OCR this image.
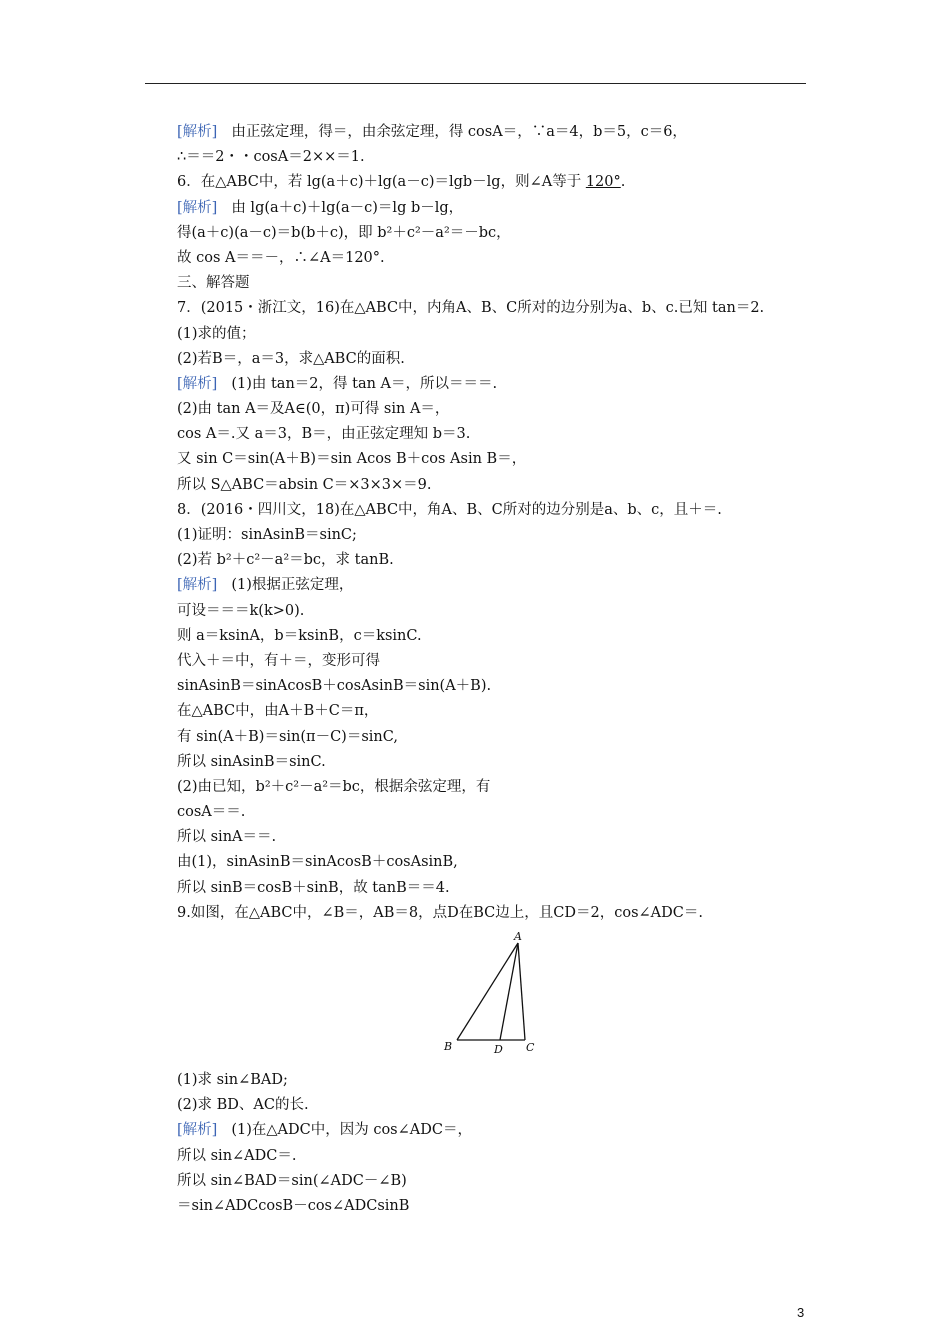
[解析] 由正弦定理，得＝，由余弦定理，得 cosA＝，∵a＝4，b＝5，c＝6，
∴＝＝2・・cosA＝2××＝1.
6．在△ABC中，若 lg(a＋c)＋lg(a－c)＝lgb－lg，则∠A等于 120°.
[解析] 由 lg(a＋c)＋lg(a－c)＝lg b－lg，
得(a＋c)(a－c)＝b(b＋c)，即 b²＋c²－a²＝－bc，
故 cos A＝＝－，∴∠A＝120°.
三、解答题
7．(2015・浙江文，16)在△ABC中，内角A、B、C所对的边分别为a、b、c.已知 tan＝2.
(1)求的值；
(2)若B＝，a＝3，求△ABC的面积.
[解析] (1)由 tan＝2，得 tan A＝，所以＝＝＝.
(2)由 tan A＝及A∈(0，π)可得 sin A＝，
cos A＝.又 a＝3，B＝，由正弦定理知 b＝3.
又 sin C＝sin(A＋B)＝sin Acos B＋cos Asin B＝，
所以 S△ABC＝absin C＝×3×3×＝9.
8．(2016・四川文，18)在△ABC中，角A、B、C所对的边分别是a、b、c，且＋＝.
(1)证明：sinAsinB＝sinC;
(2)若 b²＋c²－a²＝bc，求 tanB.
[解析] (1)根据正弦定理，
可设＝＝＝k(k>0).
则 a＝ksinA，b＝ksinB，c＝ksinC.
代入＋＝中，有＋＝，变形可得
sinAsinB＝sinAcosB＋cosAsinB＝sin(A＋B).
在△ABC中，由A＋B＋C＝π，
有 sin(A＋B)＝sin(π－C)＝sinC,
所以 sinAsinB＝sinC.
(2)由已知，b²＋c²－a²＝bc，根据余弦定理，有
cosA＝＝.
所以 sinA＝＝.
由(1)，sinAsinB＝sinAcosB＋cosAsinB,
所以 sinB＝cosB＋sinB，故 tanB＝＝4.
9.如图，在△ABC中，∠B＝，AB＝8，点D在BC边上，且CD＝2，cos∠ADC＝.
(1)求 sin∠BAD;
(2)求 BD、AC的长.
[解析] (1)在△ADC中，因为 cos∠ADC＝，
所以 sin∠ADC＝.
所以 sin∠BAD＝sin(∠ADC－∠B)
＝sin∠ADCcosB－cos∠ADCsinB
A
B	D C
3
